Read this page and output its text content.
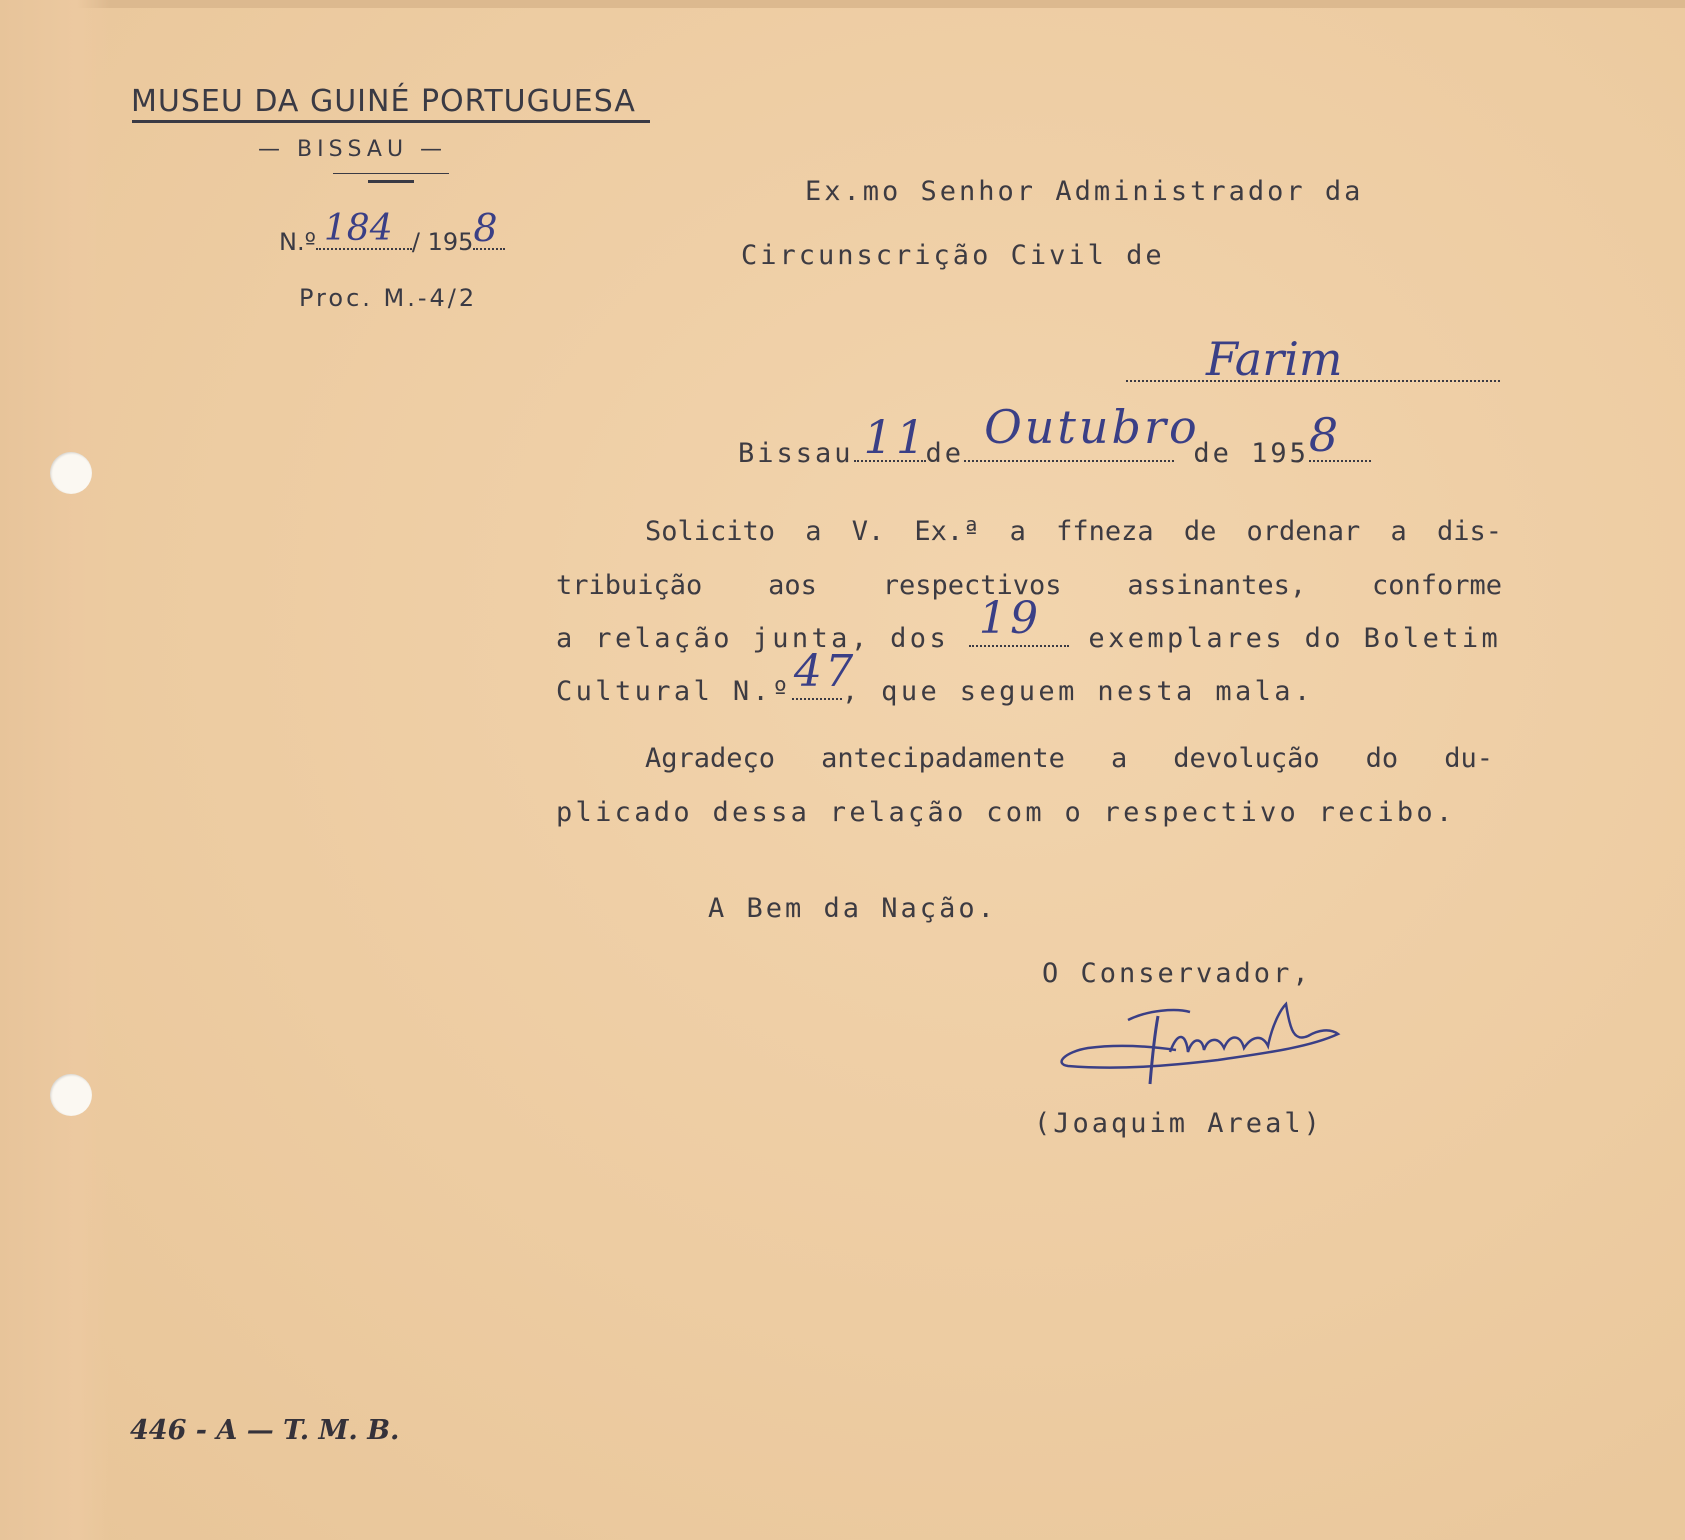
MUSEU DA GUINÉ PORTUGUESA
— BISSAU —
N.º 184 / 195 8
Proc. M.-4/2
Ex.mo Senhor Administrador da
Circunscrição Civil de
Farim
Bissau 11
de Outubro
de 195 8
Solicito a V. Ex.ª a ffneza de ordenar a dis-
tribuição aos respectivos assinantes, conforme
a relação junta, dos 19 exemplares do Boletim
Cultural N.º 47
, que seguem nesta mala.
Agradeço antecipadamente a devolução do du-
plicado dessa relação com o respectivo recibo.
A Bem da Nação.
O Conservador,
(Joaquim Areal)
446 - A — T. M. B.
